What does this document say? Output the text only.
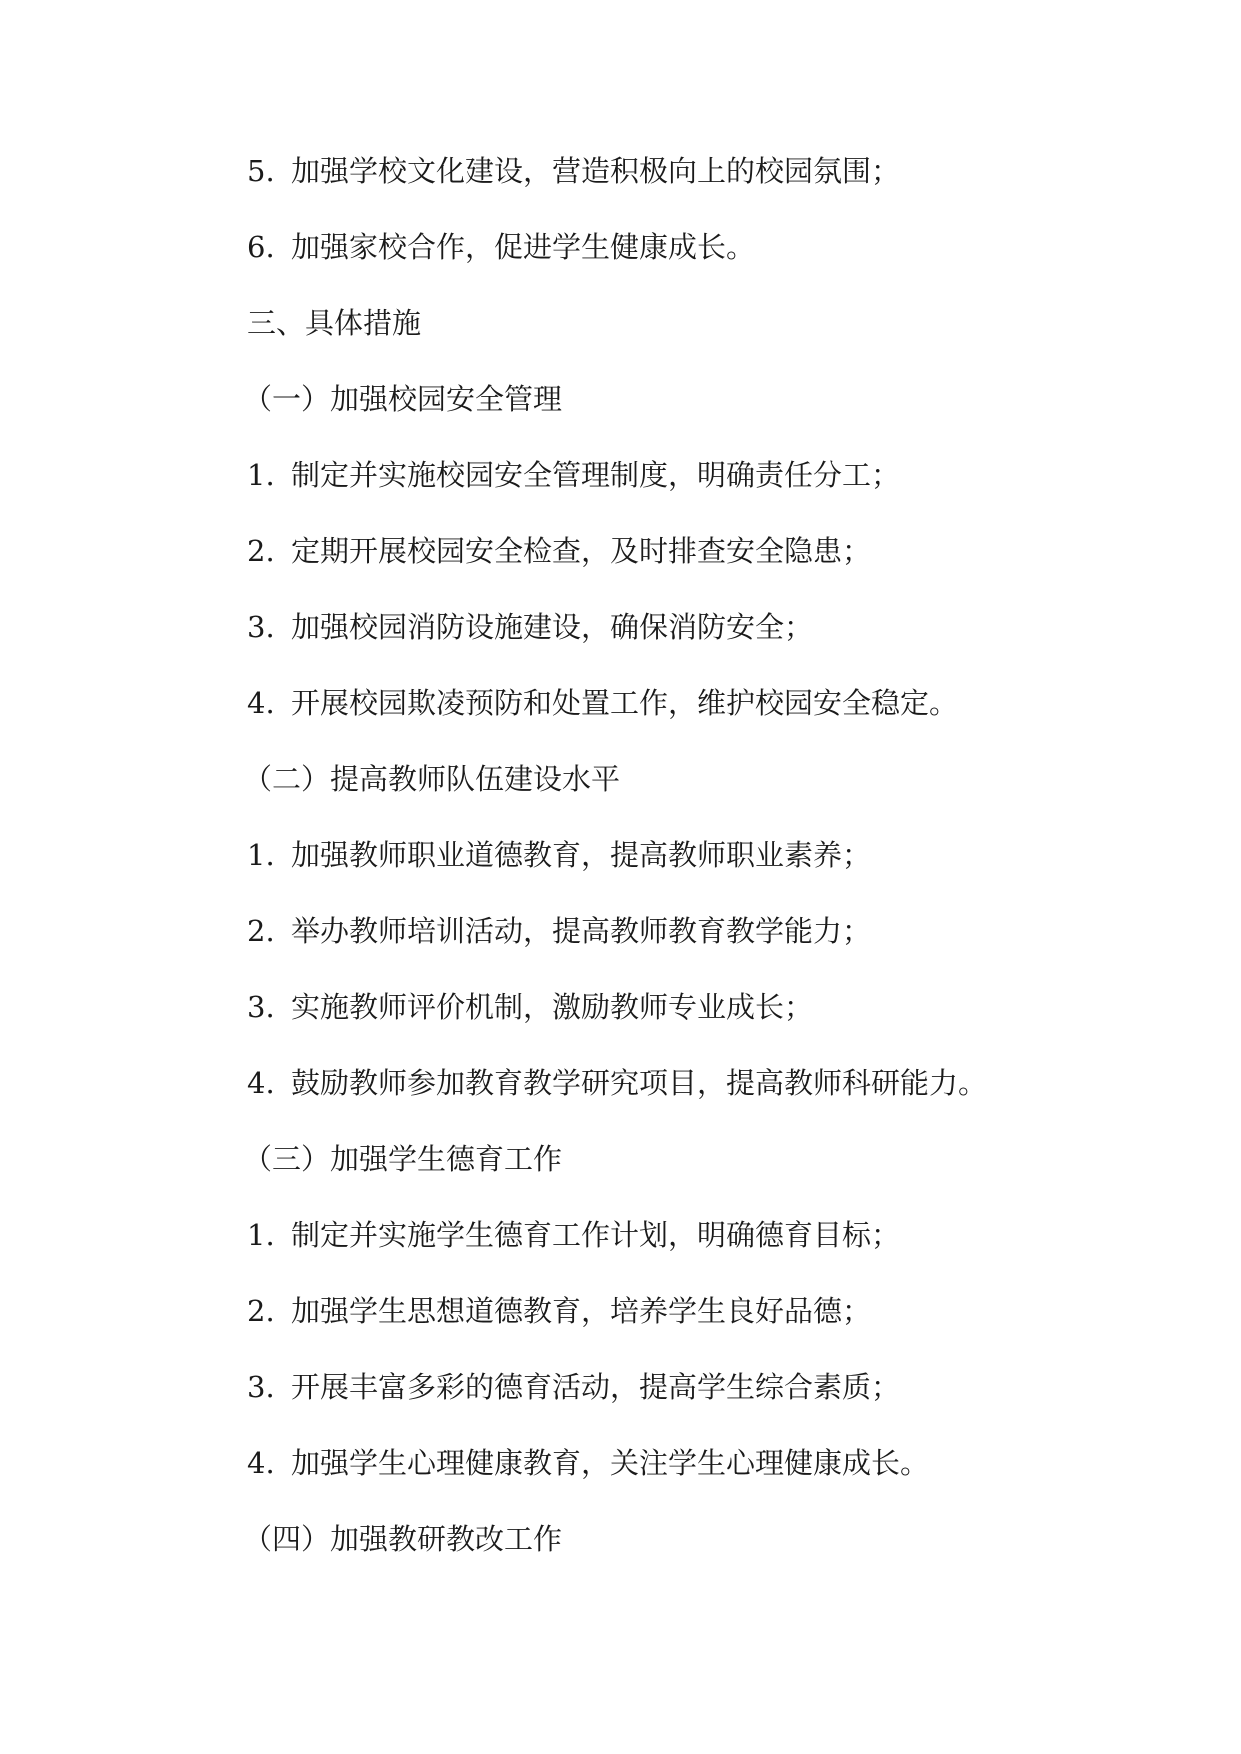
5. 加强学校文化建设，营造积极向上的校园氛围；
6. 加强家校合作，促进学生健康成长。
三、具体措施
（一）加强校园安全管理
1. 制定并实施校园安全管理制度，明确责任分工；
2. 定期开展校园安全检查，及时排查安全隐患；
3. 加强校园消防设施建设，确保消防安全；
4. 开展校园欺凌预防和处置工作，维护校园安全稳定。
（二）提高教师队伍建设水平
1. 加强教师职业道德教育，提高教师职业素养；
2. 举办教师培训活动，提高教师教育教学能力；
3. 实施教师评价机制，激励教师专业成长；
4. 鼓励教师参加教育教学研究项目，提高教师科研能力。
（三）加强学生德育工作
1. 制定并实施学生德育工作计划，明确德育目标；
2. 加强学生思想道德教育，培养学生良好品德；
3. 开展丰富多彩的德育活动，提高学生综合素质；
4. 加强学生心理健康教育，关注学生心理健康成长。
（四）加强教研教改工作
